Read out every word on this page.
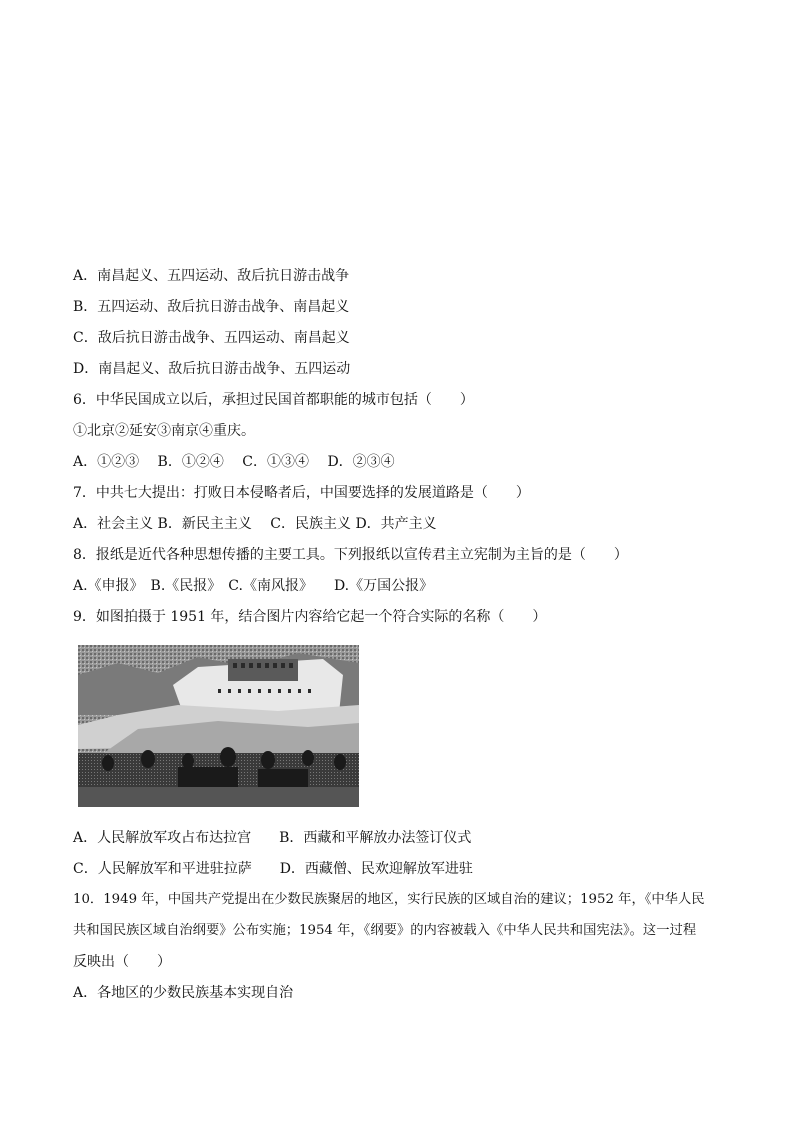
A．南昌起义、五四运动、敌后抗日游击战争
B．五四运动、敌后抗日游击战争、南昌起义
C．敌后抗日游击战争、五四运动、南昌起义
D．南昌起义、敌后抗日游击战争、五四运动
6．中华民国成立以后，承担过民国首都职能的城市包括（　　）
①北京②延安③南京④重庆。
A．①②③　 B．①②④　 C．①③④　 D．②③④
7．中共七大提出：打败日本侵略者后，中国要选择的发展道路是（　　）
A．社会主义 B．新民主主义　 C．民族主义 D．共产主义
8．报纸是近代各种思想传播的主要工具。下列报纸以宣传君主立宪制为主旨的是（　　）
A.《申报》　B.《民报》　C.《南风报》　　D.《万国公报》
9．如图拍摄于 1951 年，结合图片内容给它起一个符合实际的名称（　　）
A．人民解放军攻占布达拉宫　　B．西藏和平解放办法签订仪式
C．人民解放军和平进驻拉萨　　D．西藏僧、民欢迎解放军进驻
10．1949 年，中国共产党提出在少数民族聚居的地区，实行民族的区域自治的建议；1952 年，《中华人民
共和国民族区域自治纲要》公布实施；1954 年，《纲要》的内容被载入《中华人民共和国宪法》。这一过程
反映出（　　）
A．各地区的少数民族基本实现自治
